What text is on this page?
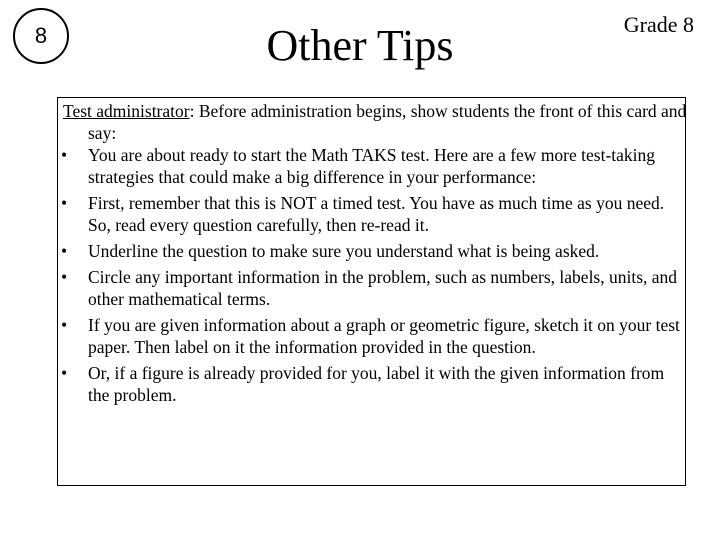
8	Other Tips	Grade 8

Test administrator: Before administration begins, show students the front of this card and say:

• You are about ready to start the Math TAKS test. Here are a few more test-taking strategies that could make a big difference in your performance:
• First, remember that this is NOT a timed test. You have as much time as you need. So, read every question carefully, then re-read it.
• Underline the question to make sure you understand what is being asked.
• Circle any important information in the problem, such as numbers, labels, units, and other mathematical terms.
• If you are given information about a graph or geometric figure, sketch it on your test paper. Then label on it the information provided in the question.
• Or, if a figure is already provided for you, label it with the given information from the problem.
